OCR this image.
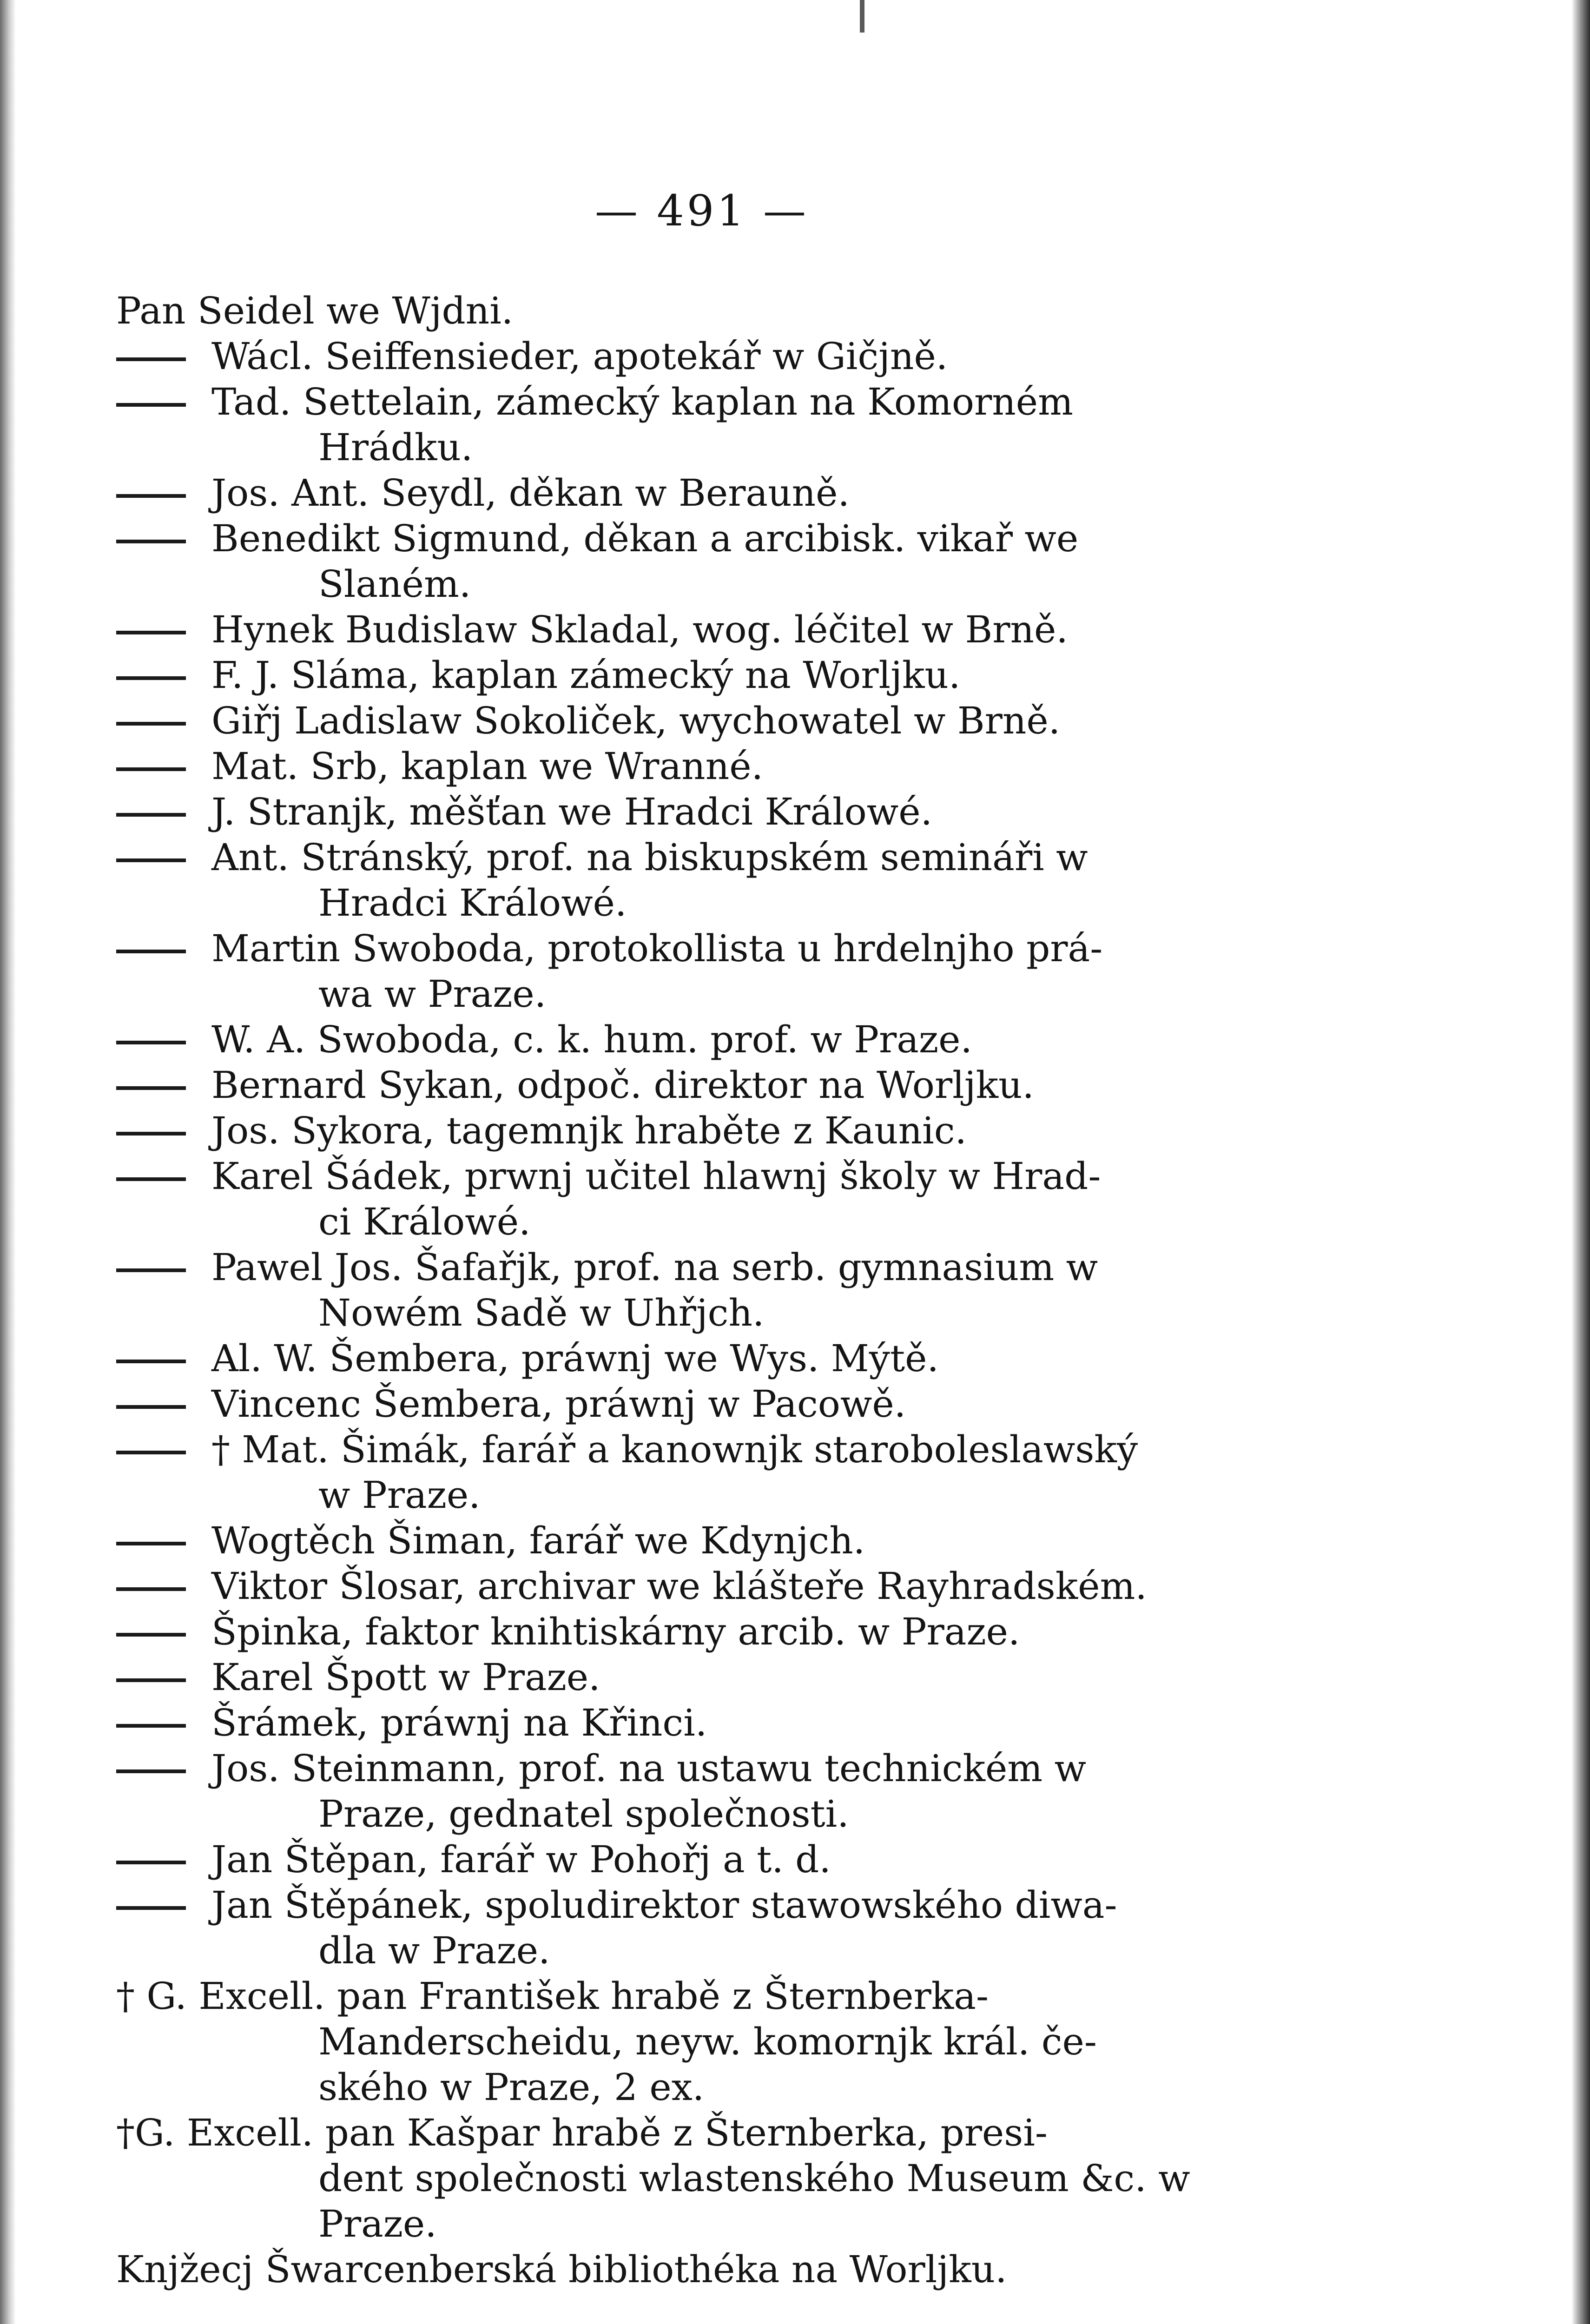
— 491 —
Pan Seidel we Wjdni.
Wácl. Seiffensieder, apotekář w Gičjně.
Tad. Settelain, zámecký kaplan na Komorném
Hrádku.
Jos. Ant. Seydl, děkan w Berauně.
Benedikt Sigmund, děkan a arcibisk. vikař we
Slaném.
Hynek Budislaw Skladal, wog. léčitel w Brně.
F. J. Sláma, kaplan zámecký na Worljku.
Giřj Ladislaw Sokoliček, wychowatel w Brně.
Mat. Srb, kaplan we Wranné.
J. Stranjk, měšťan we Hradci Králowé.
Ant. Stránský, prof. na biskupském semináři w
Hradci Králowé.
Martin Swoboda, protokollista u hrdelnjho prá-
wa w Praze.
W. A. Swoboda, c. k. hum. prof. w Praze.
Bernard Sykan, odpoč. direktor na Worljku.
Jos. Sykora, tagemnjk hraběte z Kaunic.
Karel Šádek, prwnj učitel hlawnj školy w Hrad-
ci Králowé.
Pawel Jos. Šafařjk, prof. na serb. gymnasium w
Nowém Sadě w Uhřjch.
Al. W. Šembera, práwnj we Wys. Mýtě.
Vincenc Šembera, práwnj w Pacowě.
† Mat. Šimák, farář a kanownjk staroboleslawský
w Praze.
Wogtěch Šiman, farář we Kdynjch.
Viktor Šlosar, archivar we klášteře Rayhradském.
Špinka, faktor knihtiskárny arcib. w Praze.
Karel Špott w Praze.
Šrámek, práwnj na Křinci.
Jos. Steinmann, prof. na ustawu technickém w
Praze, gednatel společnosti.
Jan Štěpan, farář w Pohořj a t. d.
Jan Štěpánek, spoludirektor stawowského diwa-
dla w Praze.
† G. Excell. pan František hrabě z Šternberka-
Manderscheidu, neyw. komornjk král. če-
ského w Praze, 2 ex.
†G. Excell. pan Kašpar hrabě z Šternberka, presi-
dent společnosti wlastenského Museum &c. w
Praze.
Knjžecj Šwarcenberská bibliothéka na Worljku.
